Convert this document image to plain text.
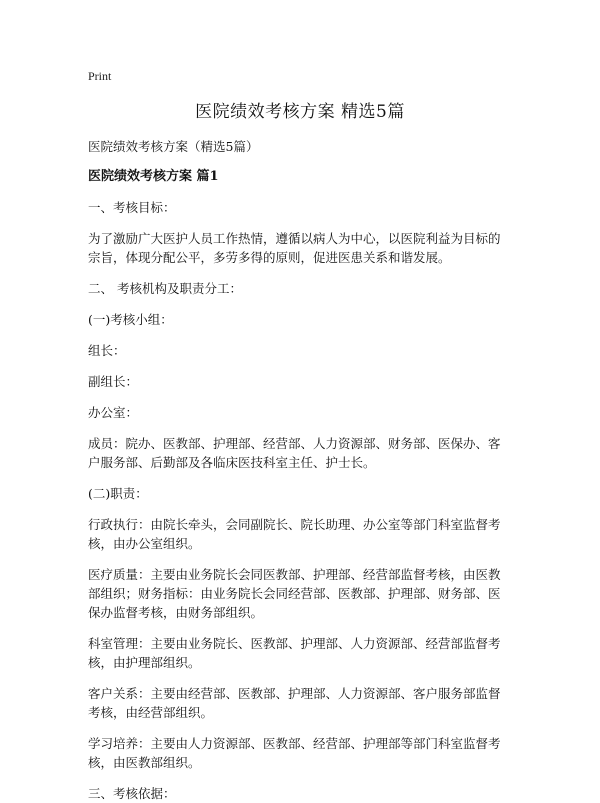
Print
医院绩效考核方案 精选5篇
医院绩效考核方案（精选5篇）
医院绩效考核方案 篇1

一、考核目标：

为了激励广大医护人员工作热情，遵循以病人为中心，以医院利益为目标的宗旨，体现分配公平，多劳多得的原则，促进医患关系和谐发展。

二、 考核机构及职责分工：

(一)考核小组：

组长：

副组长：

办公室：

成员：院办、医教部、护理部、经营部、人力资源部、财务部、医保办、客户服务部、后勤部及各临床医技科室主任、护士长。

(二)职责：

行政执行：由院长牵头，会同副院长、院长助理、办公室等部门科室监督考核，由办公室组织。

医疗质量：主要由业务院长会同医教部、护理部、经营部监督考核，由医教部组织；财务指标：由业务院长会同经营部、医教部、护理部、财务部、医保办监督考核，由财务部组织。

科室管理：主要由业务院长、医教部、护理部、人力资源部、经营部监督考核，由护理部组织。

客户关系：主要由经营部、医教部、护理部、人力资源部、客户服务部监督考核，由经营部组织。

学习培养：主要由人力资源部、医教部、经营部、护理部等部门科室监督考核，由医教部组织。

三、考核依据：
